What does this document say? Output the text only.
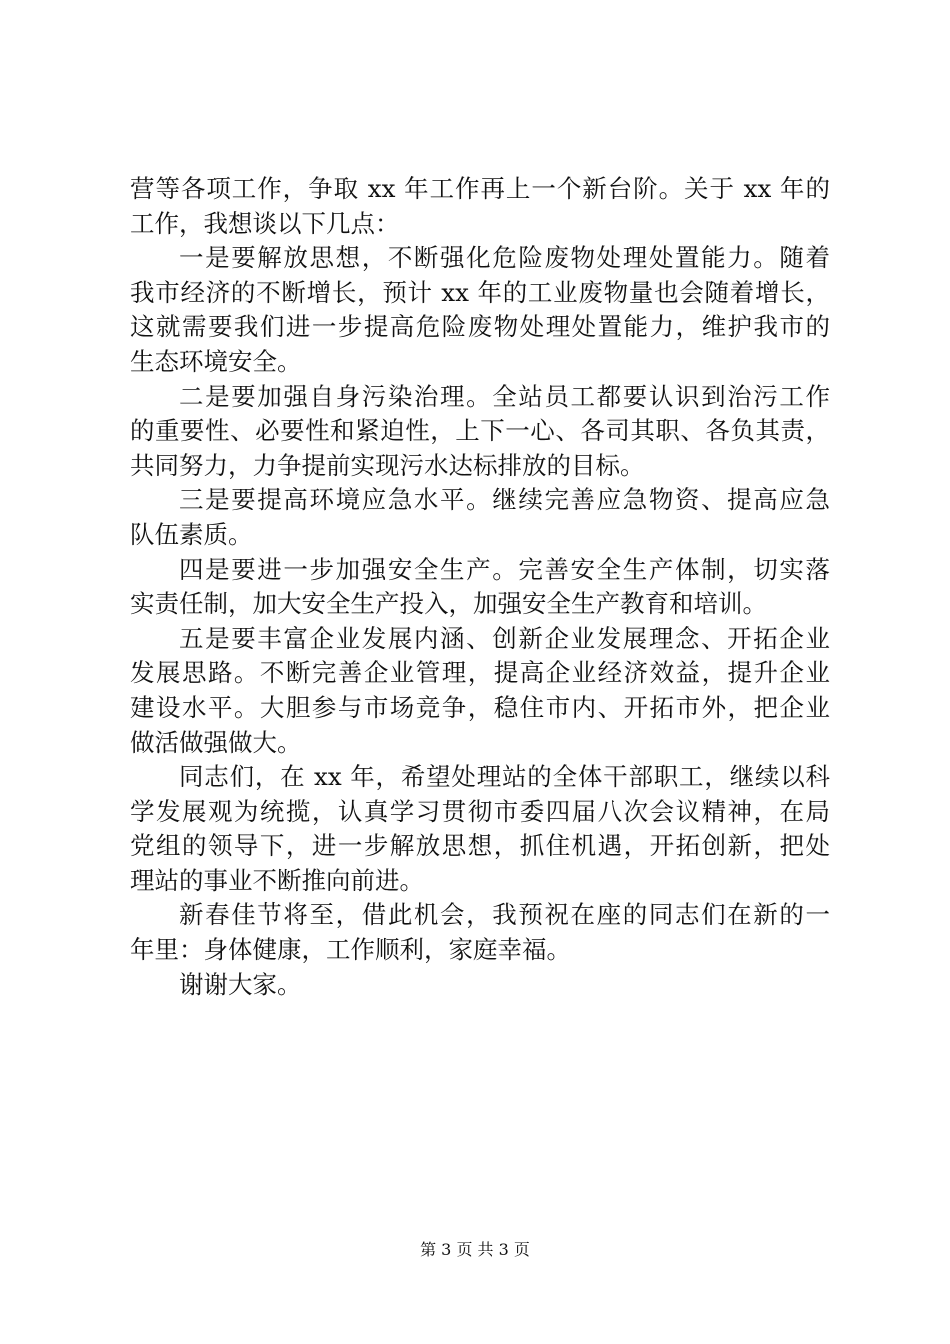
营等各项工作，争取 xx 年工作再上一个新台阶。关于 xx 年的
工作，我想谈以下几点：
一是要解放思想，不断强化危险废物处理处置能力。随着
我市经济的不断增长，预计 xx 年的工业废物量也会随着增长，
这就需要我们进一步提高危险废物处理处置能力，维护我市的
生态环境安全。
二是要加强自身污染治理。全站员工都要认识到治污工作
的重要性、必要性和紧迫性，上下一心、各司其职、各负其责，
共同努力，力争提前实现污水达标排放的目标。
三是要提高环境应急水平。继续完善应急物资、提高应急
队伍素质。
四是要进一步加强安全生产。完善安全生产体制，切实落
实责任制，加大安全生产投入，加强安全生产教育和培训。
五是要丰富企业发展内涵、创新企业发展理念、开拓企业
发展思路。不断完善企业管理，提高企业经济效益，提升企业
建设水平。大胆参与市场竞争，稳住市内、开拓市外，把企业
做活做强做大。
同志们，在 xx 年，希望处理站的全体干部职工，继续以科
学发展观为统揽，认真学习贯彻市委四届八次会议精神，在局
党组的领导下，进一步解放思想，抓住机遇，开拓创新，把处
理站的事业不断推向前进。
新春佳节将至，借此机会，我预祝在座的同志们在新的一
年里：身体健康，工作顺利，家庭幸福。
谢谢大家。
第 3 页 共 3 页
